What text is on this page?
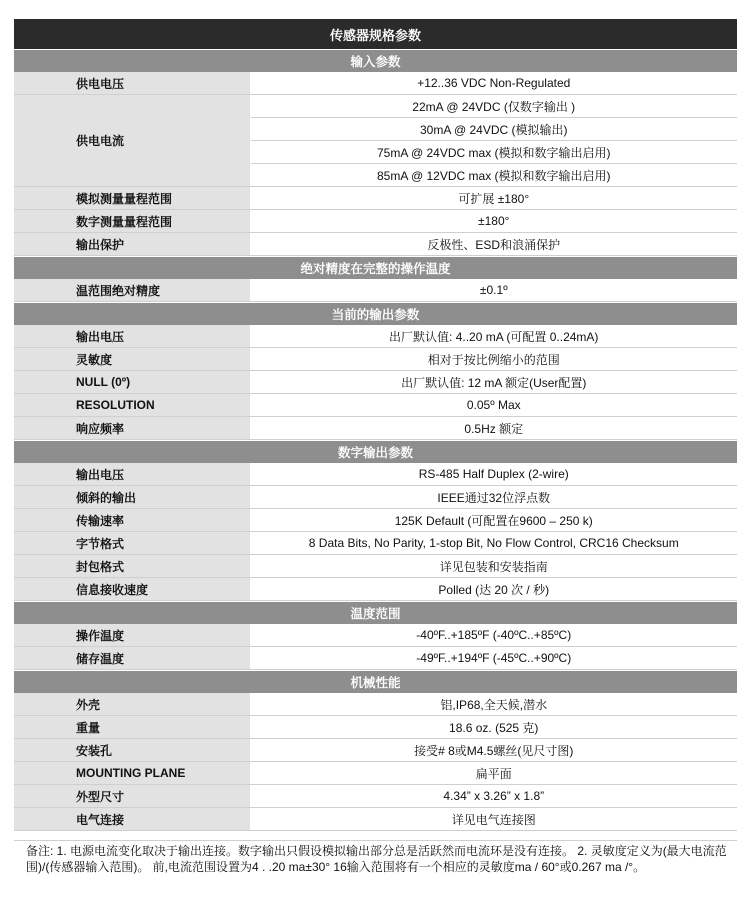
传感器规格参数
输入参数
供电电压	+12..36 VDC Non-Regulated
供电电流	22mA @ 24VDC (仅数字输出 )
	30mA @ 24VDC (模拟输出)
	75mA @ 24VDC max (模拟和数字输出启用)
	85mA @ 12VDC max (模拟和数字输出启用)
模拟测量量程范围	可扩展 ±180°
数字测量量程范围	±180°
输出保护	反极性、ESD和浪涌保护
绝对精度在完整的操作温度
温范围绝对精度	±0.1º
当前的输出参数
输出电压	出厂默认值: 4..20 mA (可配置 0..24mA)
灵敏度	相对于按比例缩小的范围
NULL (0º)	出厂默认值: 12 mA 额定(User配置)
RESOLUTION	0.05º Max
响应频率	0.5Hz 额定
数字输出参数
输出电压	RS-485 Half Duplex (2-wire)
倾斜的输出	IEEE通过32位浮点数
传输速率	125K Default (可配置在9600 – 250 k)
字节格式	8 Data Bits, No Parity, 1-stop Bit, No Flow Control, CRC16 Checksum
封包格式	详见包装和安装指南
信息接收速度	Polled (达 20 次 / 秒)
温度范围
操作温度	-40ºF..+185ºF (-40ºC..+85ºC)
储存温度	-49ºF..+194ºF (-45ºC..+90ºC)
机械性能
外壳	铝,IP68,全天候,潜水
重量	18.6 oz. (525 克)
安装孔	接受# 8或M4.5螺丝(见尺寸图)
MOUNTING PLANE	扁平面
外型尺寸	4.34” x 3.26” x 1.8”
电气连接	详见电气连接图
备注: 1. 电源电流变化取决于输出连接。数字输出只假设模拟输出部分总是活跃然而电流环是没有连接。 2. 灵敏度定义为(最大电流范围)/(传感器输入范围)。 前,电流范围设置为4 . .20 ma±30° 16输入范围将有一个相应的灵敏度ma / 60°或0.267 ma /°。
